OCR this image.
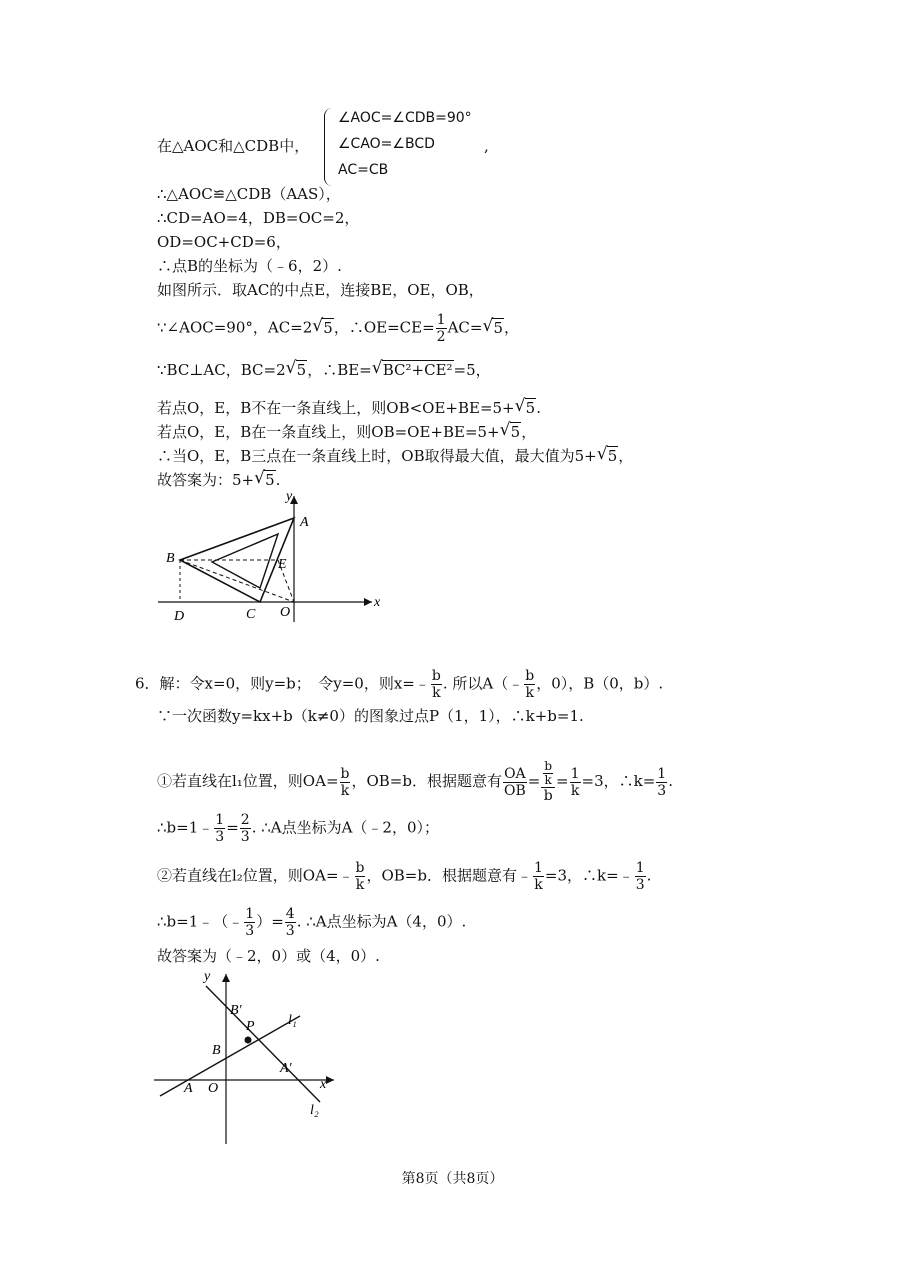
在△AOC和△CDB中，
∠AOC=∠CDB=90°
∠CAO=∠BCD
AC=CB
,
∴△AOC≌△CDB（AAS），
∴CD=AO=4，DB=OC=2，
OD=OC+CD=6，
∴点B的坐标为（﹣6，2）.
如图所示．取AC的中点E，连接BE，OE，OB，
∵∠AOC=90°，AC=2√ 5，∴OE=CE= $\frac{1}{2} AC=√$ 5，
∵BC⊥AC，BC=2√ 5，∴BE=√ BC²+CE²=5，
若点O，E，B不在一条直线上，则OB<OE+BE=5+√ 5.
若点O，E，B在一条直线上，则OB=OE+BE=5+√ 5，
∴当O，E，B三点在一条直线上时，OB取得最大值，最大值为5+√ 5，
故答案为：5+√ 5.
y
x
A
B
C
D
E
O
6．解：令x=0，则y=b；　令y=0，则x=﹣ $\frac{b}{k}$ . 所以A（﹣ $\frac{b}{k}$ ，0），B（0，b）.
∵一次函数y=kx+b（k≠0）的图象过点P（1，1），∴k+b=1.
①若直线在l₁位置，则$OA= \frac{b}{k}$ ，OB=b．根据题意有 $\frac{OA}{OB} = \frac{\frac{b}{k}}{b} = \frac{1}{k} =3$，∴k= $\frac{1}{3}$ .
∴b=1﹣ $\frac{1}{3} = \frac{2}{3}$ . ∴A点坐标为A（﹣2，0）；
②若直线在l₂位置，则OA=﹣ $\frac{b}{k}$ ，OB=b．根据题意有﹣ $\frac{1}{k} =3$，∴k=﹣ $\frac{1}{3}$ .
∴b=1﹣（﹣ $\frac{1}{3}$ ）= $\frac{4}{3}$ . ∴A点坐标为A（4，0）.
故答案为（﹣2，0）或（4，0）.
y
x
B′
P l₁
B
A′
A O
l₂
第8页（共8页）
